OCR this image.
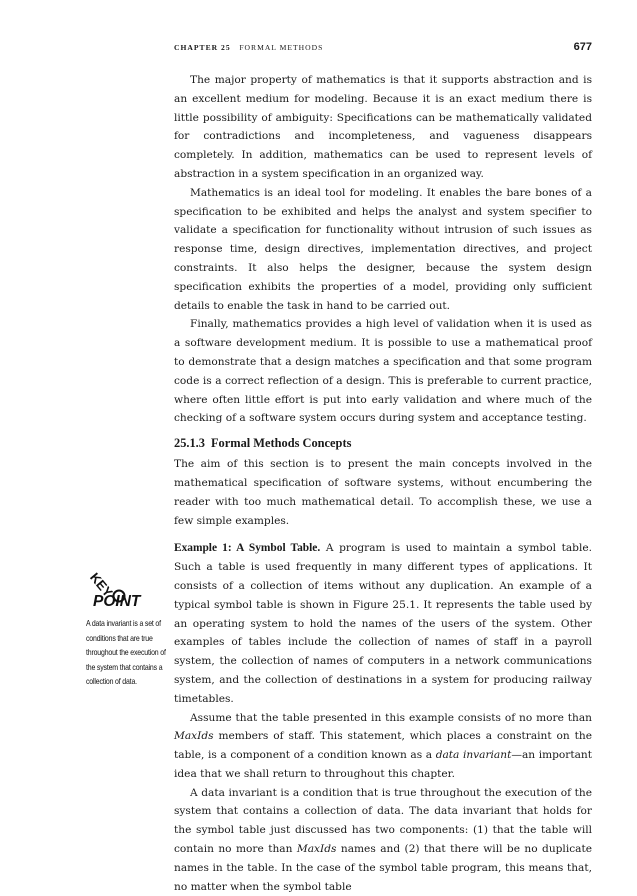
CHAPTER 25 FORMAL METHODS	677

The major property of mathematics is that it supports abstraction and is an excellent medium for modeling. Because it is an exact medium there is little possibility of ambiguity: Specifications can be mathematically validated for contradictions and incompleteness, and vagueness disappears completely. In addition, mathematics can be used to represent levels of abstraction in a system specification in an organized way.

Mathematics is an ideal tool for modeling. It enables the bare bones of a specification to be exhibited and helps the analyst and system specifier to validate a specification for functionality without intrusion of such issues as response time, design directives, implementation directives, and project constraints. It also helps the designer, because the system design specification exhibits the properties of a model, providing only sufficient details to enable the task in hand to be carried out.

Finally, mathematics provides a high level of validation when it is used as a software development medium. It is possible to use a mathematical proof to demonstrate that a design matches a specification and that some program code is a correct reflection of a design. This is preferable to current practice, where often little effort is put into early validation and where much of the checking of a software system occurs during system and acceptance testing.

25.1.3 Formal Methods Concepts

The aim of this section is to present the main concepts involved in the mathematical specification of software systems, without encumbering the reader with too much mathematical detail. To accomplish these, we use a few simple examples.

Example 1: A Symbol Table. A program is used to maintain a symbol table. Such a table is used frequently in many different types of applications. It consists of a collection of items without any duplication. An example of a typical symbol table is shown in Figure 25.1. It represents the table used by an operating system to hold the names of the users of the system. Other examples of tables include the collection of names of staff in a payroll system, the collection of names of computers in a network communications system, and the collection of destinations in a system for producing railway timetables.

Assume that the table presented in this example consists of no more than MaxIds members of staff. This statement, which places a constraint on the table, is a component of a condition known as a data invariant—an important idea that we shall return to throughout this chapter.

A data invariant is a condition that is true throughout the execution of the system that contains a collection of data. The data invariant that holds for the symbol table just discussed has two components: (1) that the table will contain no more than MaxIds names and (2) that there will be no duplicate names in the table. In the case of the symbol table program, this means that, no matter when the symbol table

KEY
POINT
A data invariant is a set of conditions that are true throughout the execution of the system that contains a collection of data.
